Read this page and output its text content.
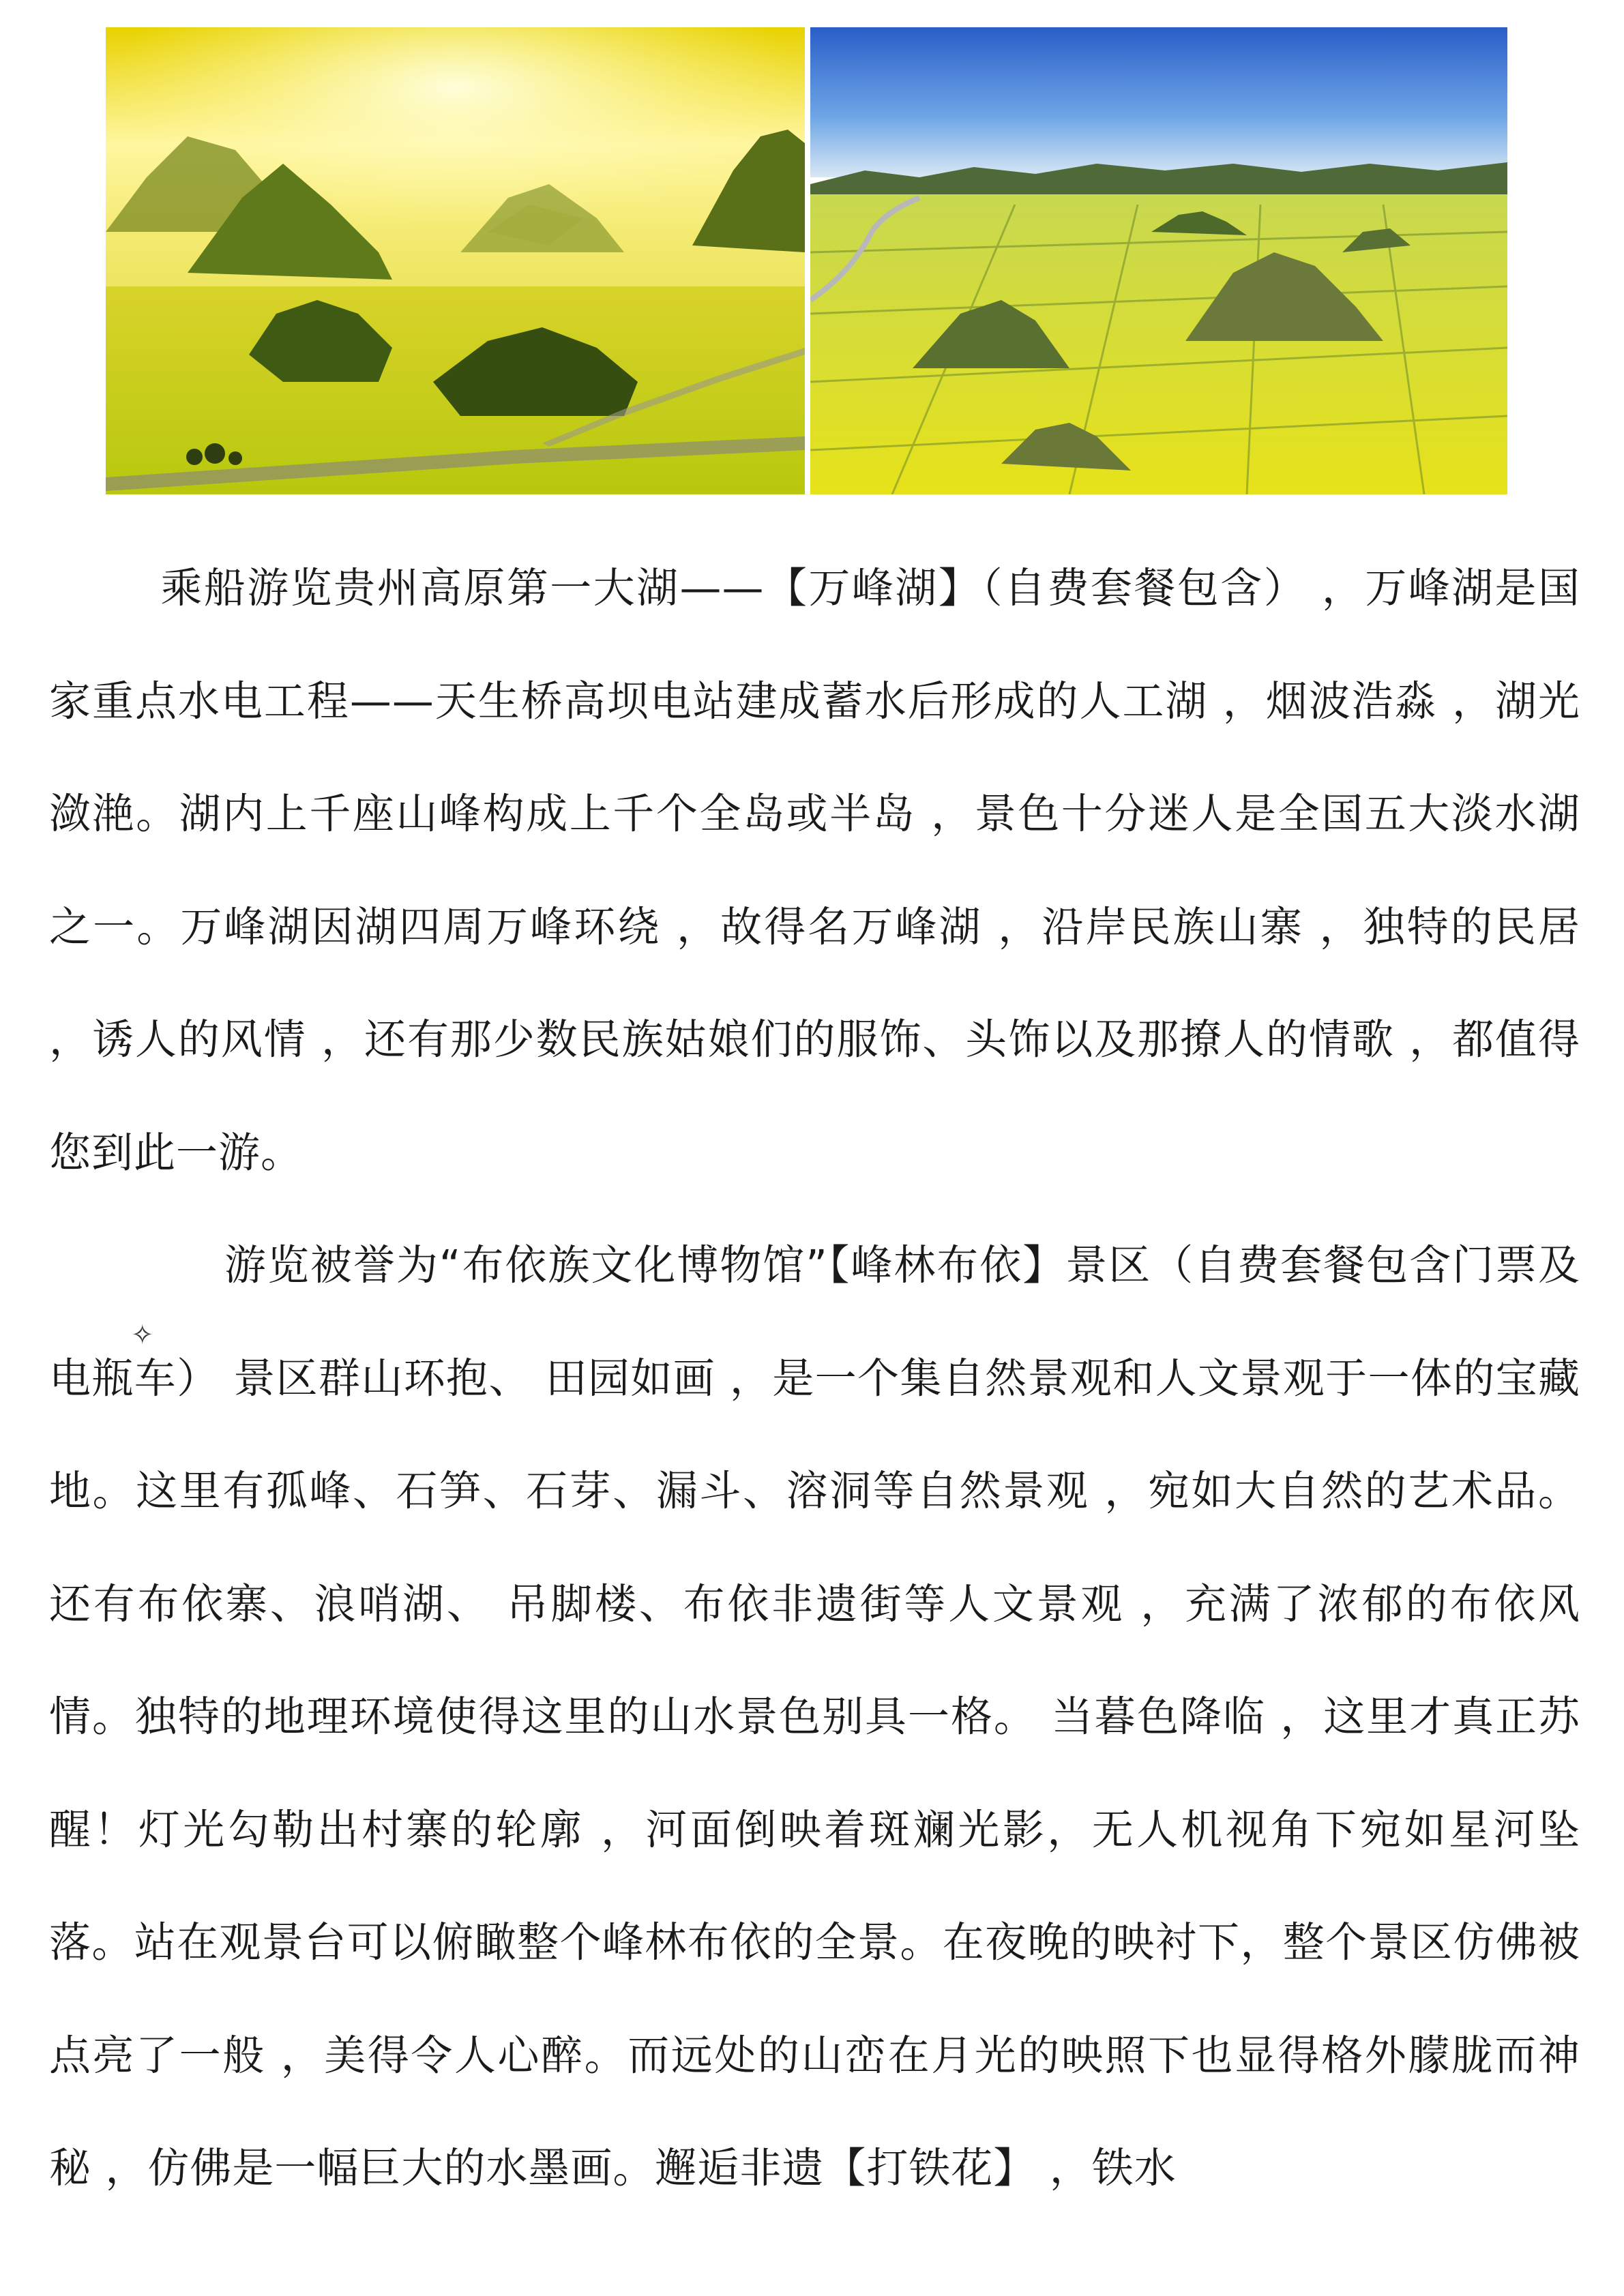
乘船游览贵州高原第一大湖——【万峰湖】（自费套餐包含） ，万峰湖是国家重点水电工程——天生桥高坝电站建成蓄水后形成的人工湖 ，烟波浩淼 ，湖光潋滟。湖内上千座山峰构成上千个全岛或半岛 ，景色十分迷人是全国五大淡水湖之一。万峰湖因湖四周万峰环绕 ，故得名万峰湖 ，沿岸民族山寨 ，独特的民居 ，诱人的风情 ，还有那少数民族姑娘们的服饰、头饰以及那撩人的情歌 ，都值得您到此一游。
✧
游览被誉为“布依族文化博物馆”【峰林布依】景区（自费套餐包含门票及电瓶车） 景区群山环抱、 田园如画 ，是一个集自然景观和人文景观于一体的宝藏地。这里有孤峰、石笋、石芽、漏斗、溶洞等自然景观 ，宛如大自然的艺术品。还有布依寨、浪哨湖、 吊脚楼、布依非遗街等人文景观 ，充满了浓郁的布依风情。独特的地理环境使得这里的山水景色别具一格。 当暮色降临 ，这里才真正苏醒！灯光勾勒出村寨的轮廓 ，河面倒映着斑斓光影，无人机视角下宛如星河坠落。站在观景台可以俯瞰整个峰林布依的全景。在夜晚的映衬下，整个景区仿佛被点亮了一般 ，美得令人心醉。而远处的山峦在月光的映照下也显得格外朦胧而神秘 ，仿佛是一幅巨大的水墨画。邂逅非遗【打铁花】 ，铁水
